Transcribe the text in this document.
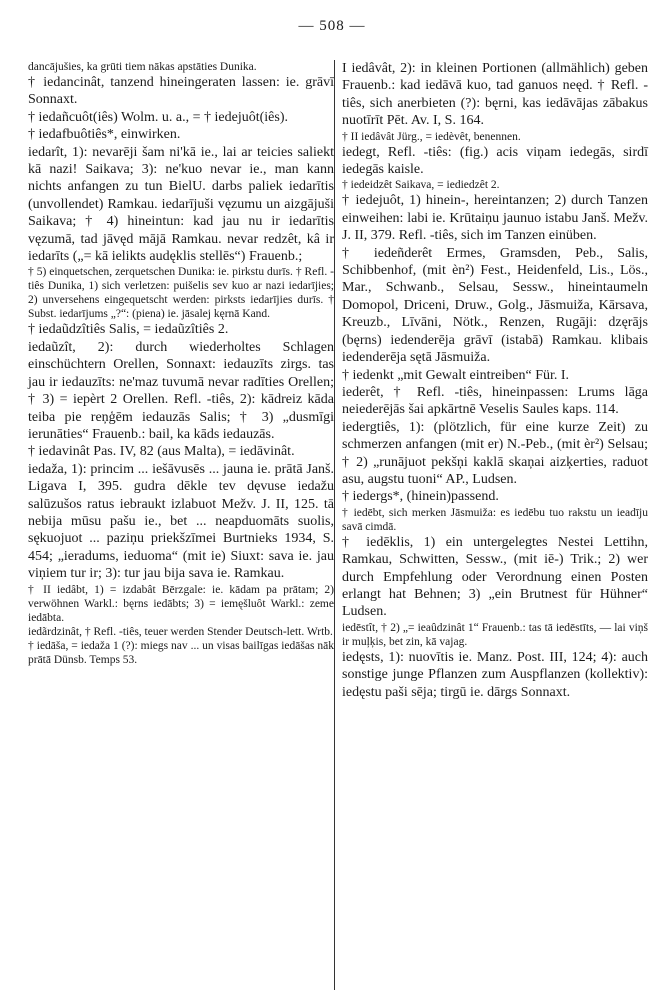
— 508 —

dancājušies, ka grūti tiem nākas apstāties Dunika.

† iedancinât, tanzend hineingeraten lassen: ie. grāvī Sonnaxt.

† iedañcuôt(iês) Wolm. u. a., = † iedejuôt(iês).

† iedafbuôtiês*, einwirken.

iedarît, 1): nevarēji šam ni'kā ie., lai ar teicies saliekt kā nazi! Saikava; 3): ne'kuo nevar ie., man kann nichts anfangen zu tun BielU. darbs paliek iedarītis (unvollendet) Ramkau. iedarījuši vęzumu un aizgājuši Saikava; † 4) hineintun: kad jau nu ir iedarītis vęzumā, tad jāvęd mājā Ramkau. nevar redzêt, kâ ir iedarīts („= kā ielikts audęklis stellēs“) Frauenb.;

† 5) einquetschen, zerquetschen Dunika: ie. pirkstu durīs. † Refl. -tiês Dunika, 1) sich verletzen: puišelis sev kuo ar nazi iedarījies; 2) unversehens eingequetscht werden: pirksts iedarījies durīs. † Subst. iedarījums „?“: (piena) ie. jāsalej kęrnā Kand.

† iedaũdzîtiês Salis, = iedaũzîtiês 2.

iedaũzît, 2): durch wiederholtes Schlagen einschüchtern Orellen, Sonnaxt: iedauzīts zirgs. tas jau ir iedauzīts: ne'maz tuvumā nevar radīties Orellen; † 3) = iepèrt 2 Orellen. Refl. -tiês, 2): kādreiz kāda teiba pie reņģēm iedauzās Salis; † 3) „dusmīgi ierunāties“ Frauenb.: bail, ka kāds iedauzās.

† iedavinât Pas. IV, 82 (aus Malta), = iedāvinât.

iedaža, 1): princim ... iešāvusēs ... jauna ie. prātā Janš. Ligava I, 395. gudra dēkle tev dęvuse iedažu salūzušos ratus iebraukt izlabuot Mežv. J. II, 125. tā nebija mūsu pašu ie., bet ... neapduomāts suolis, sękuojuot ... paziņu priekšzīmei Burtnieks 1934, S. 454; „ieradums, ieduoma“ (mit ie) Siuxt: sava ie. jau viņiem tur ir; 3): tur jau bija sava ie. Ramkau.

† II iedâbt, 1) = izdabât Bērzgale: ie. kādam pa prātam; 2) verwöhnen Warkl.: bęrns iedābts; 3) = iemęšluôt Warkl.: zeme iedābta.

iedãrdzinât, † Refl. -tiês, teuer werden Stender Deutsch-lett. Wrtb.

† iedāša, = iedaža 1 (?): miegs nav ... un visas bailīgas iedāšas nāk prātā Dünsb. Temps 53.

I iedâvât, 2): in kleinen Portionen (allmählich) geben Frauenb.: kad iedāvā kuo, tad ganuos neęd. † Refl. -tiês, sich anerbieten (?): bęrni, kas iedāvājas zābakus nuotīrīt Pēt. Av. I, S. 164.

† II iedâvât Jürg., = iedèvêt, benennen.

iedegt, Refl. -tiês: (fig.) acis viņam iedegās, sirdī iedegās kaisle.

† iedeidzêt Saikava, = iediedzêt 2.

† iedejuôt, 1) hinein-, hereintanzen; 2) durch Tanzen einweihen: labi ie. Krūtaiņu jaunuo istabu Janš. Mežv. J. II, 379. Refl. -tiês, sich im Tanzen einüben.

† iedeñderêt Ermes, Gramsden, Peb., Salis, Schibbenhof, (mit èn²) Fest., Heidenfeld, Lis., Lös., Mar., Schwanb., Selsau, Sessw., hineintaumeln Domopol, Driceni, Druw., Golg., Jāsmuiža, Kārsava, Kreuzb., Līvāni, Nötk., Renzen, Rugāji: dzęrājs (bęrns) iedenderēja grāvī (istabā) Ramkau. klibais iedenderēja sętā Jāsmuiža.

† iedenkt „mit Gewalt eintreiben“ Für. I.

iederêt, † Refl. -tiês, hineinpassen: Lrums lāga neiederējās šai apkārtnē Veselis Saules kaps. 114.

iedergtiês, 1): (plötzlich, für eine kurze Zeit) zu schmerzen anfangen (mit er) N.-Peb., (mit èr²) Selsau; † 2) „runājuot pekšņi kaklā skaņai aizķerties, raduot asu, augstu tuoni“ AP., Ludsen.

† iedergs*, (hinein)passend.

† iedēbt, sich merken Jāsmuiža: es iedēbu tuo rakstu un ieadīju savā cimdā.

† iedēklis, 1) ein untergelegtes Nestei Lettihn, Ramkau, Schwitten, Sessw., (mit iē-) Trik.; 2) wer durch Empfehlung oder Verordnung einen Posten erlangt hat Behnen; 3) „ein Brutnest für Hühner“ Ludsen.

iedēstît, † 2) „= ieaûdzinât 1“ Frauenb.: tas tā iedēstīts, — lai viņš ir muļķis, bet zin, kā vajag.

iedęsts, 1): nuovītis ie. Manz. Post. III, 124; 4): auch sonstige junge Pflanzen zum Auspflanzen (kollektiv): iedęstu paši sēja; tirgū ie. dārgs Sonnaxt.
